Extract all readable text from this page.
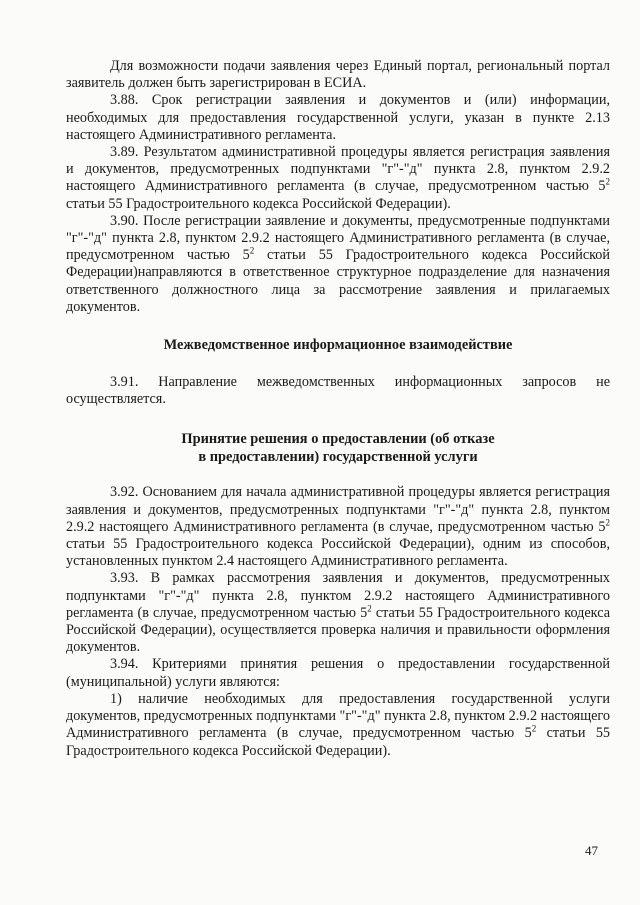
Для возможности подачи заявления через Единый портал, региональный портал заявитель должен быть зарегистрирован в ЕСИА.

3.88. Срок регистрации заявления и документов и (или) информации, необходимых для предоставления государственной услуги, указан в пункте 2.13 настоящего Административного регламента.

3.89. Результатом административной процедуры является регистрация заявления и документов, предусмотренных подпунктами "г"-"д" пункта 2.8, пунктом 2.9.2 настоящего Административного регламента (в случае, предусмотренном частью $5^2$ статьи 55 Градостроительного кодекса Российской Федерации).

3.90. После регистрации заявление и документы, предусмотренные подпунктами "г"-"д" пункта 2.8, пунктом 2.9.2 настоящего Административного регламента (в случае, предусмотренном частью $5^2$ статьи 55 Градостроительного кодекса Российской Федерации)направляются в ответственное структурное подразделение для назначения ответственного должностного лица за рассмотрение заявления и прилагаемых документов.

Межведомственное информационное взаимодействие

3.91. Направление межведомственных информационных запросов не осуществляется.

Принятие решения о предоставлении (об отказе

в предоставлении) государственной услуги

3.92. Основанием для начала административной процедуры является регистрация заявления и документов, предусмотренных подпунктами "г"-"д" пункта 2.8, пунктом 2.9.2 настоящего Административного регламента (в случае, предусмотренном частью $5^2$ статьи 55 Градостроительного кодекса Российской Федерации), одним из способов, установленных пунктом 2.4 настоящего Административного регламента.

3.93. В рамках рассмотрения заявления и документов, предусмотренных подпунктами "г"-"д" пункта 2.8, пунктом 2.9.2 настоящего Административного регламента (в случае, предусмотренном частью $5^2$ статьи 55 Градостроительного кодекса Российской Федерации), осуществляется проверка наличия и правильности оформления документов.

3.94. Критериями принятия решения о предоставлении государственной (муниципальной) услуги являются:

1) наличие необходимых для предоставления государственной услуги документов, предусмотренных подпунктами "г"-"д" пункта 2.8, пунктом 2.9.2 настоящего Административного регламента (в случае, предусмотренном частью $5^2$ статьи 55 Градостроительного кодекса Российской Федерации).

47
